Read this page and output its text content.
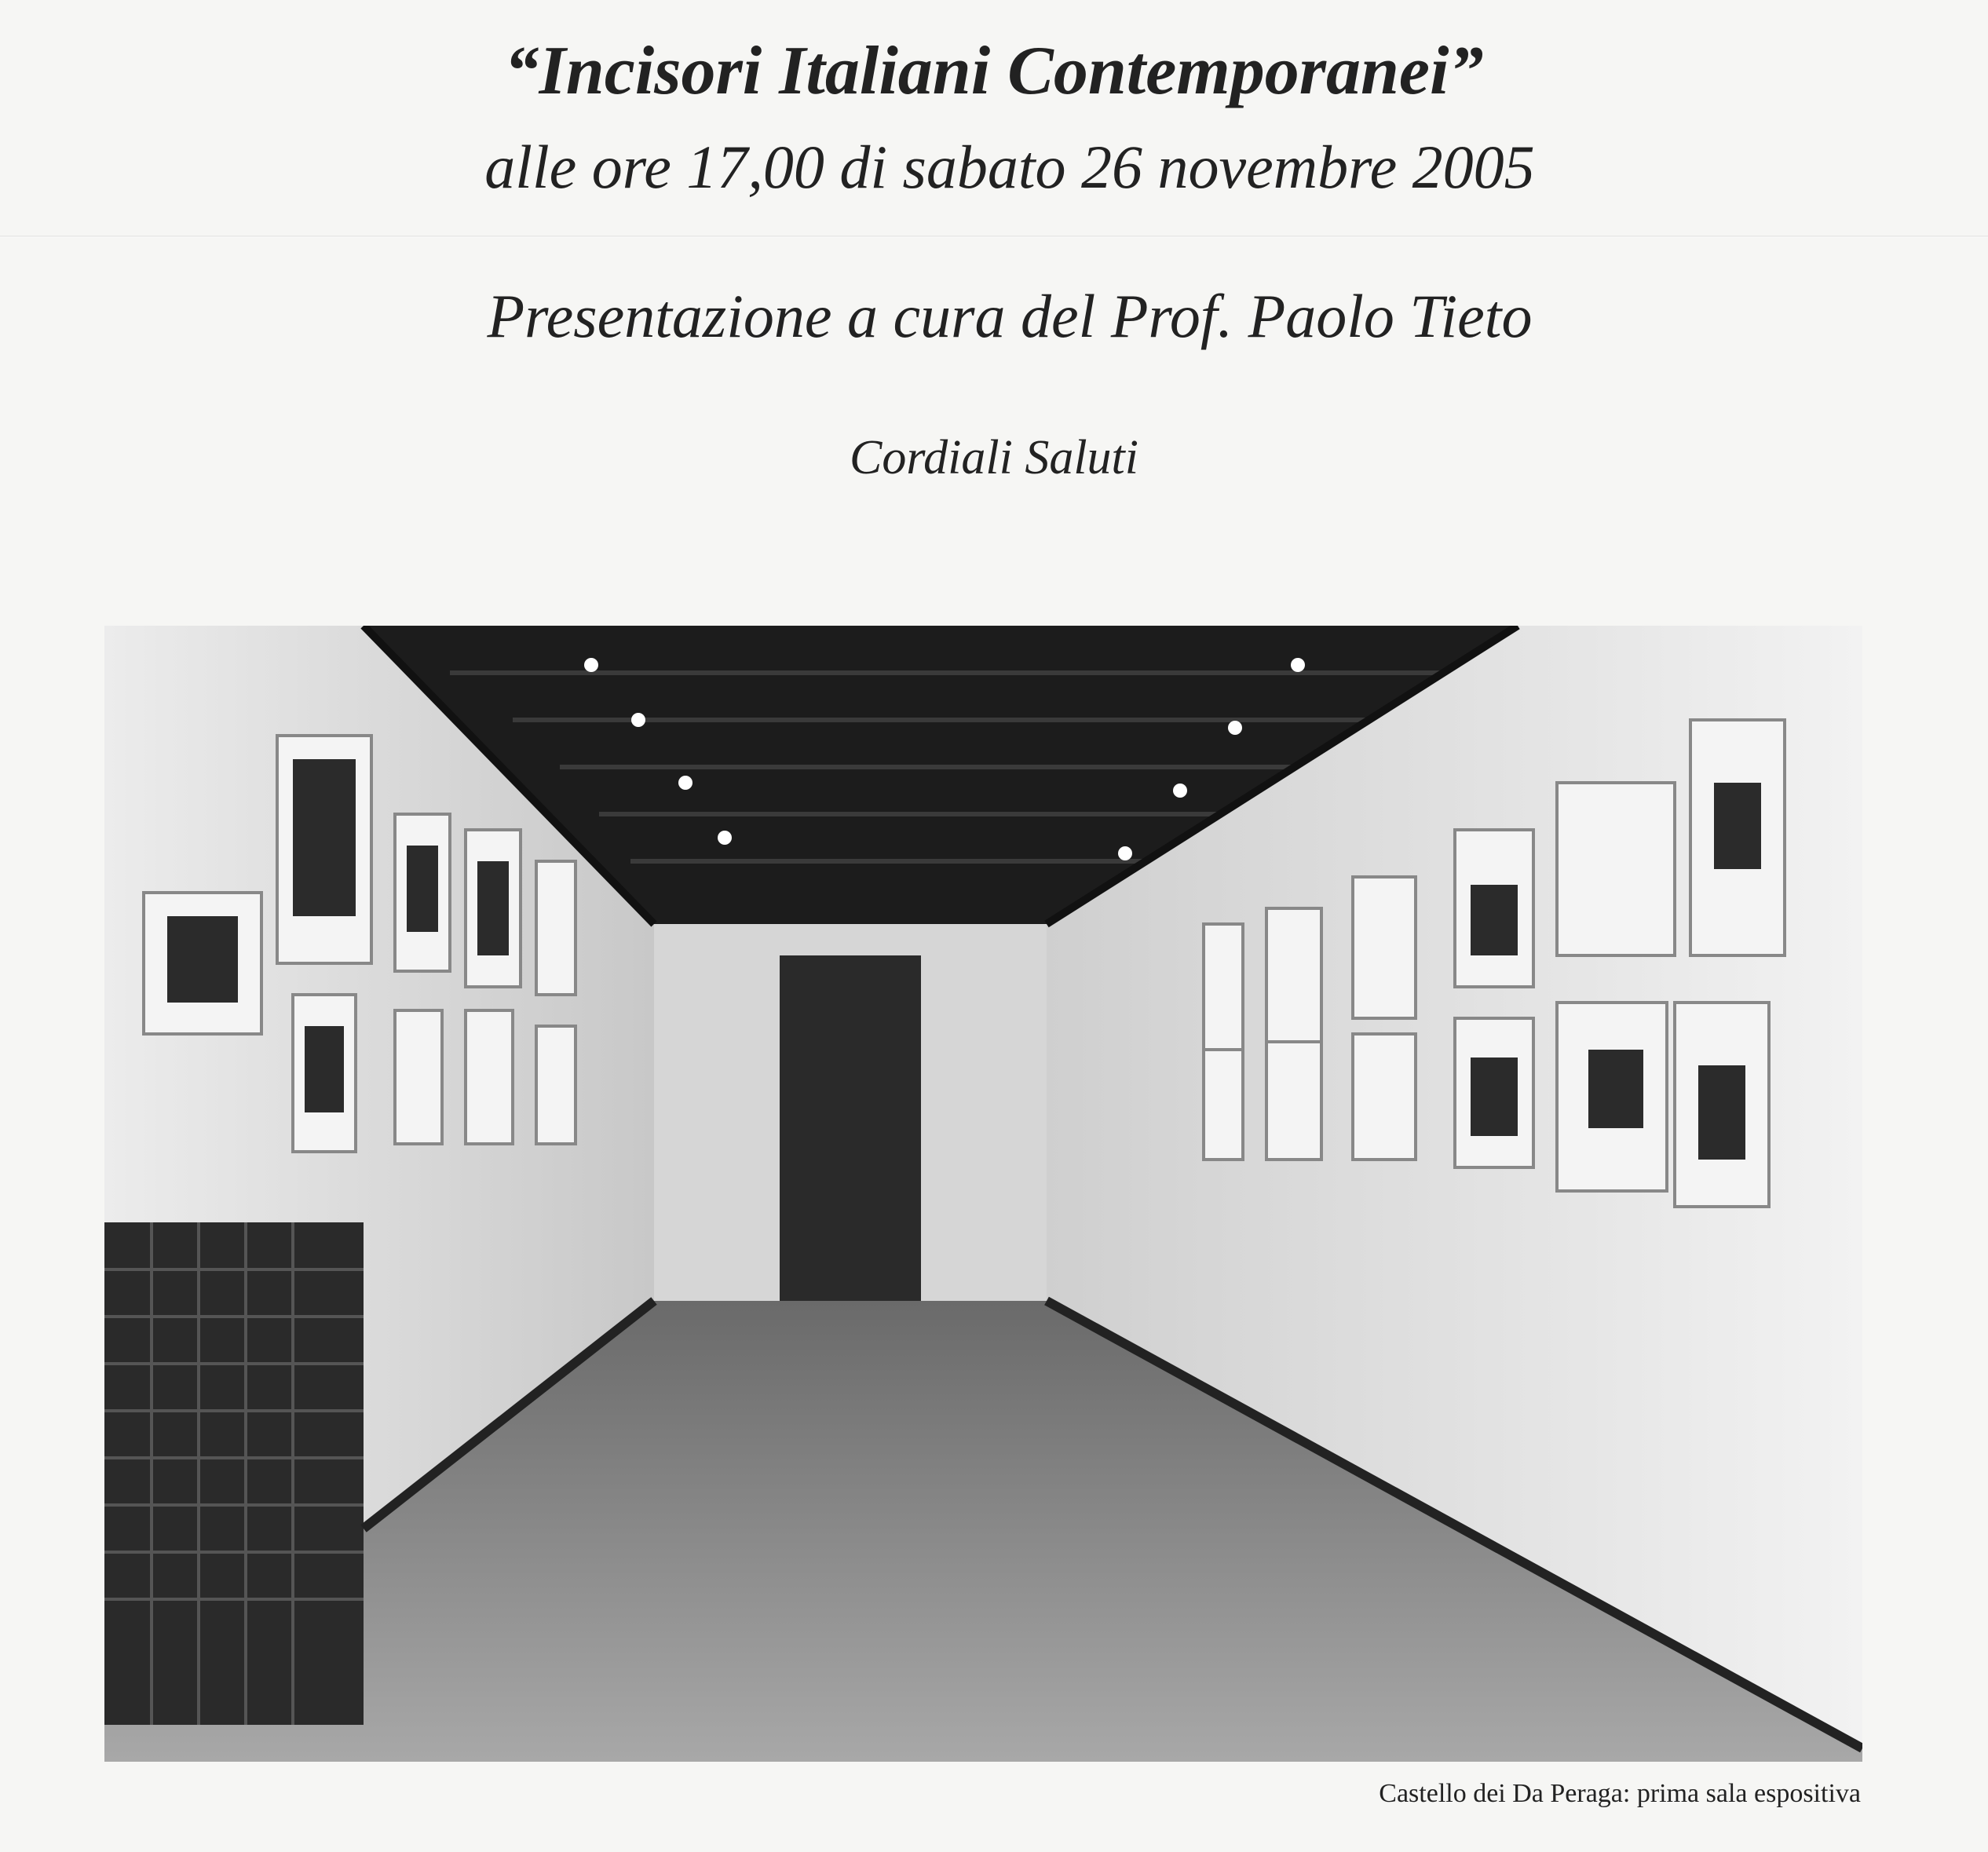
“Incisori Italiani Contemporanei”

alle ore 17,00 di sabato 26 novembre 2005

Presentazione a cura del Prof. Paolo Tieto

Cordiali Saluti

Castello dei Da Peraga: prima sala espositiva
